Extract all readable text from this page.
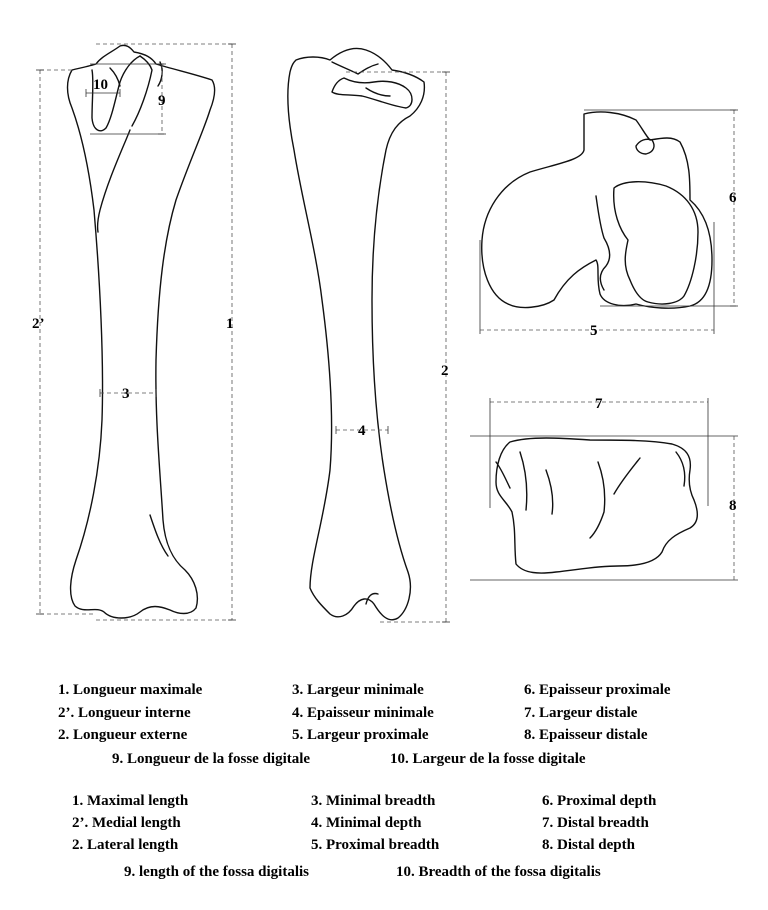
1
2’
2
3
4
5
6
7
8
9
10
1. Longueur maximale
2’. Longueur interne
2. Longueur externe
3. Largeur minimale
4. Epaisseur minimale
5. Largeur proximale
6. Epaisseur proximale
7. Largeur distale
8. Epaisseur distale
9. Longueur de la fosse digitale	10. Largeur de la fosse digitale
1. Maximal length
2’. Medial length
2. Lateral length
3. Minimal breadth
4. Minimal depth
5. Proximal breadth
6. Proximal depth
7. Distal breadth
8. Distal depth
9. length of the fossa digitalis	10. Breadth of the fossa digitalis
